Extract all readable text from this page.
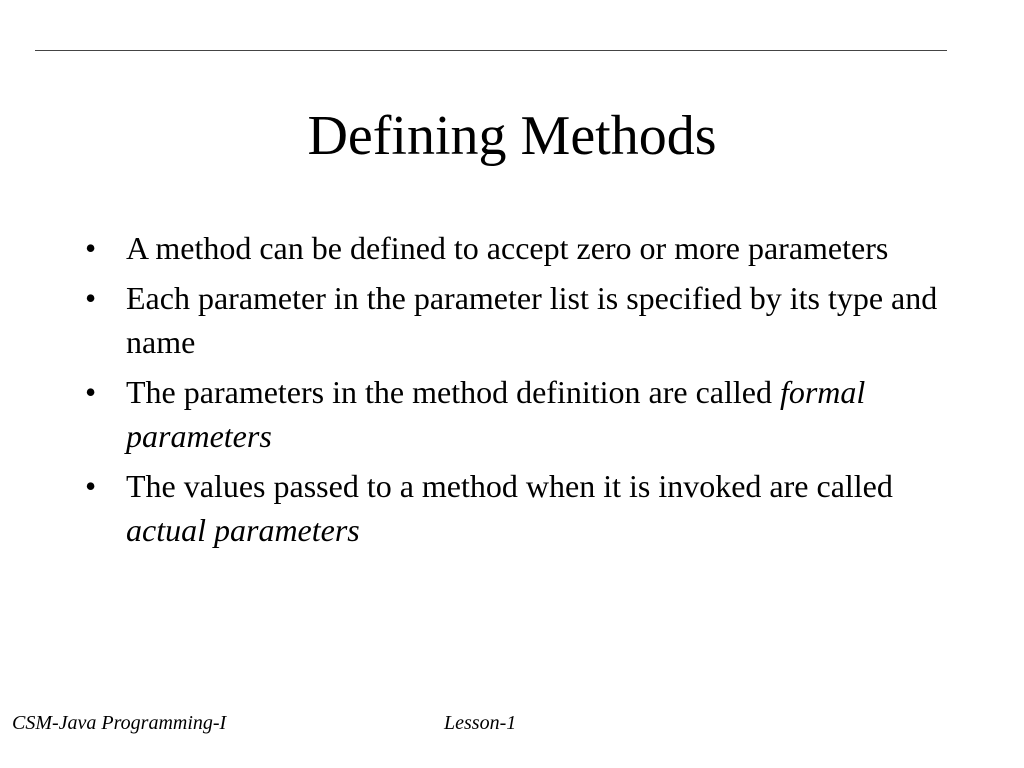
Defining Methods
• A method can be defined to accept zero or more parameters
• Each parameter in the parameter list is specified by its type and name
• The parameters in the method definition are called formal parameters
• The values passed to a method when it is invoked are called actual parameters
CSM-Java Programming-I	Lesson-1
